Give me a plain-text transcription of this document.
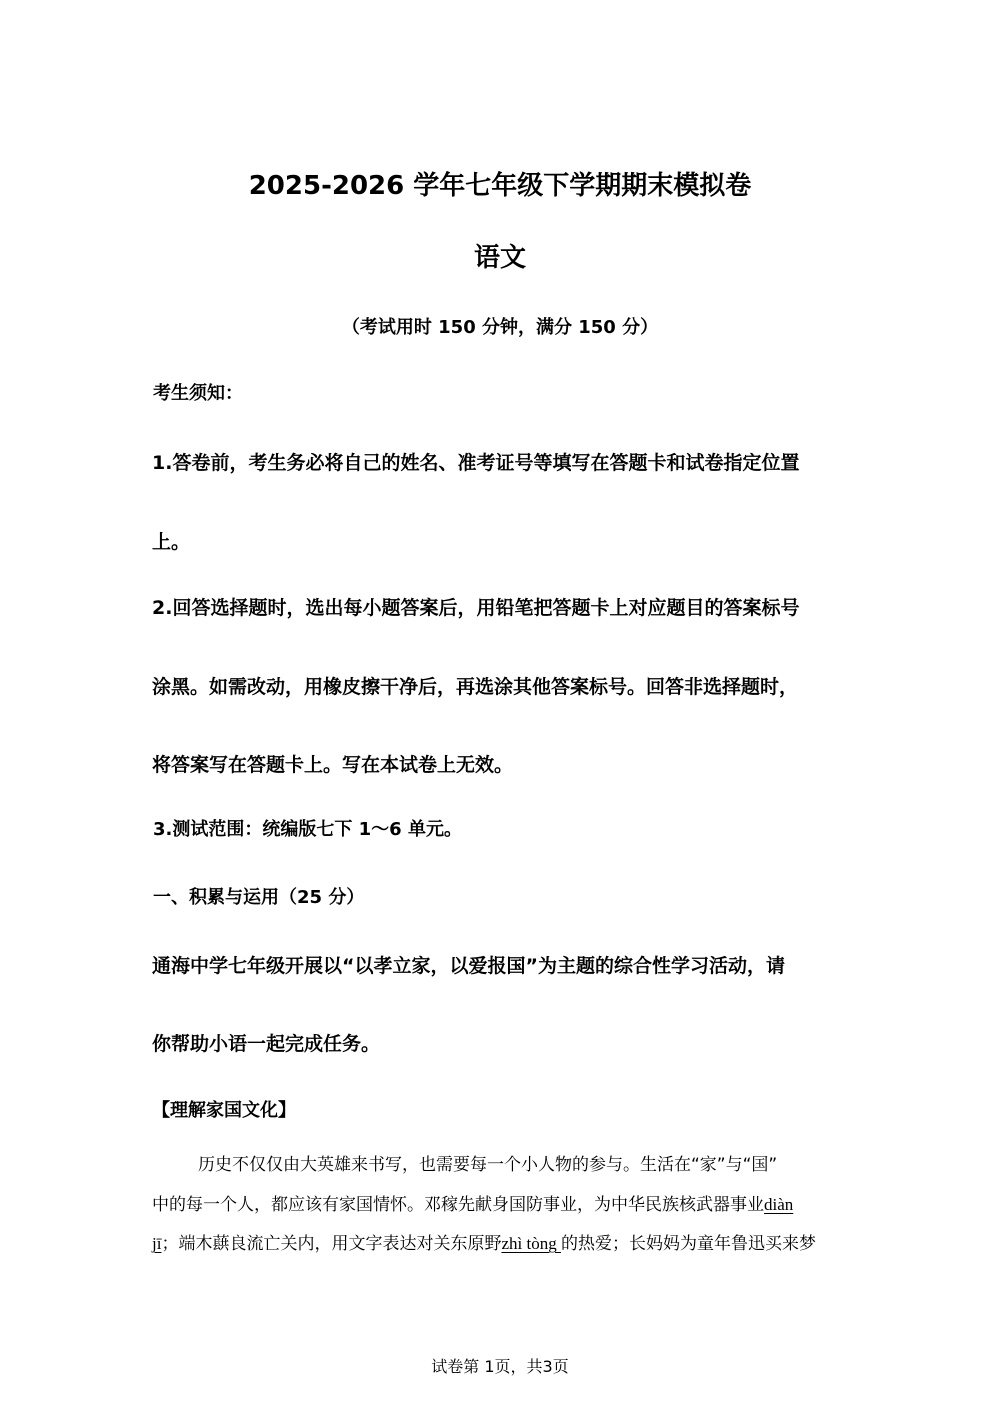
2025-2026 学年七年级下学期期末模拟卷
语文
（考试用时 150 分钟，满分 150 分）
考生须知：
1.答卷前，考生务必将自己的姓名、准考证号等填写在答题卡和试卷指定位置
上。
2.回答选择题时，选出每小题答案后，用铅笔把答题卡上对应题目的答案标号
涂黑。如需改动，用橡皮擦干净后，再选涂其他答案标号。回答非选择题时，
将答案写在答题卡上。写在本试卷上无效。
3.测试范围：统编版七下 1～6 单元。
一、积累与运用（25 分）
通海中学七年级开展以“以孝立家，以爱报国”为主题的综合性学习活动，请
你帮助小语一起完成任务。
【理解家国文化】
历史不仅仅由大英雄来书写，也需要每一个小人物的参与。生活在“家”与“国”
中的每一个人，都应该有家国情怀。邓稼先献身国防事业，为中华民族核武器事业diàn
jī；端木蕻良流亡关内，用文字表达对关东原野zhì tòng 的热爱；长妈妈为童年鲁迅买来梦
试卷第 1页，共3页
